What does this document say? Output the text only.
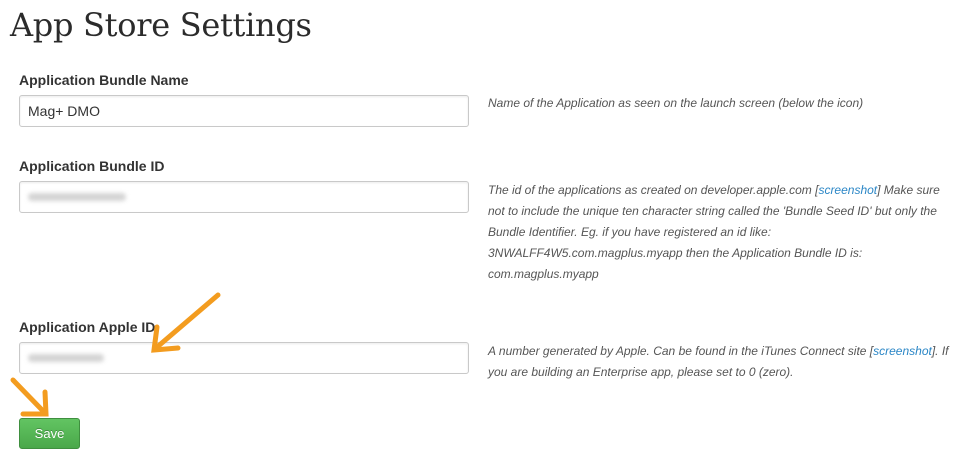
App Store Settings
Application Bundle Name
Mag+ DMO
Name of the Application as seen on the launch screen (below the icon)
Application Bundle ID
The id of the applications as created on developer.apple.com [screenshot] Make sure not to include the unique ten character string called the 'Bundle Seed ID' but only the Bundle Identifier. Eg. if you have registered an id like: 3NWALFF4W5.com.magplus.myapp then the Application Bundle ID is: com.magplus.myapp
Application Apple ID
A number generated by Apple. Can be found in the iTunes Connect site [screenshot]. If you are building an Enterprise app, please set to 0 (zero).
Save
